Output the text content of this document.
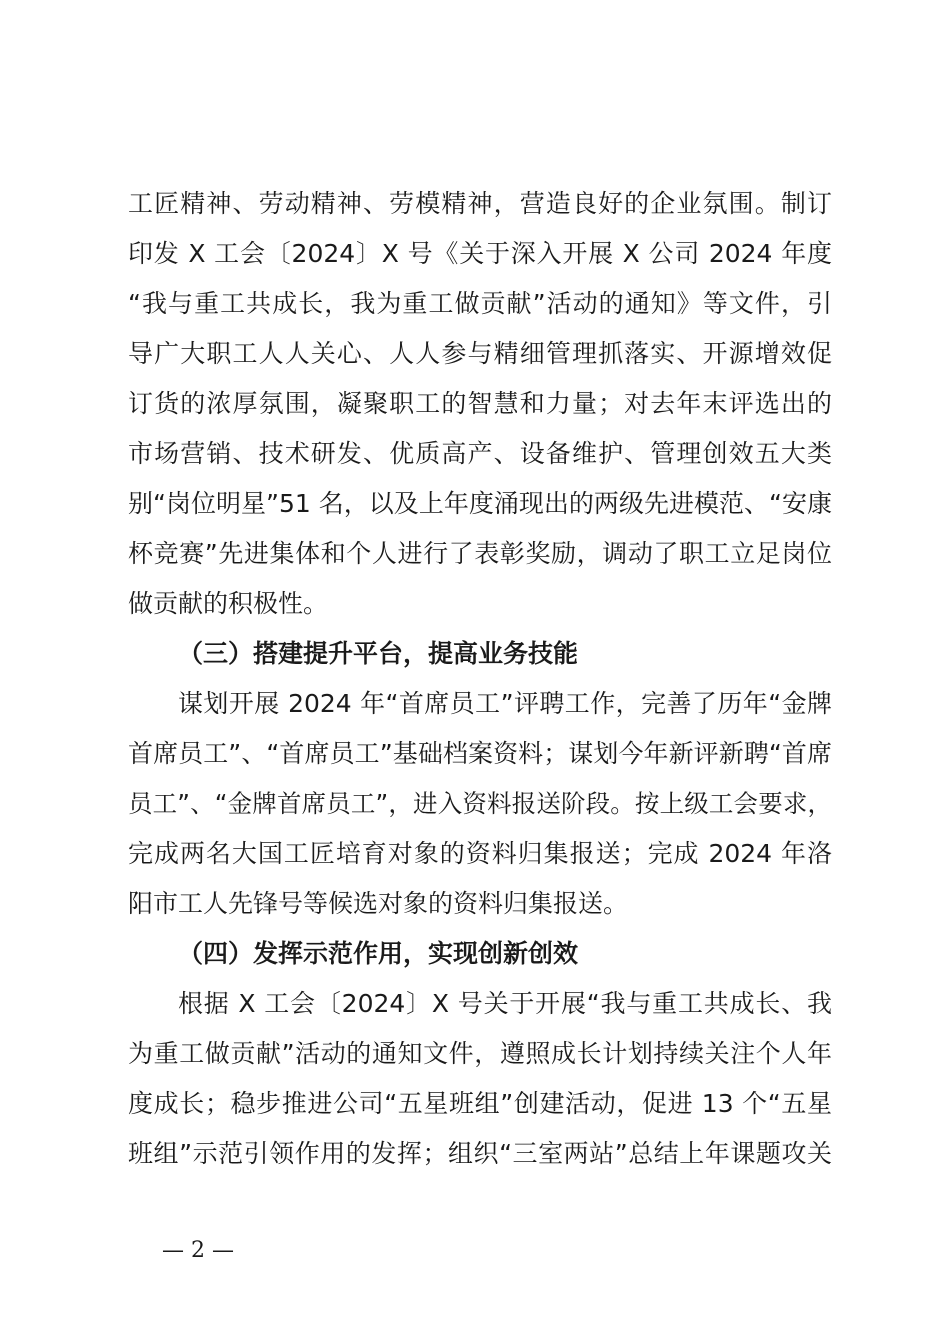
工匠精神、劳动精神、劳模精神，营造良好的企业氛围。制订
印发 X 工会〔2024〕X 号《关于深入开展 X 公司 2024 年度
“我与重工共成长，我为重工做贡献”活动的通知》等文件，引
导广大职工人人关心、人人参与精细管理抓落实、开源增效促
订货的浓厚氛围，凝聚职工的智慧和力量；对去年末评选出的
市场营销、技术研发、优质高产、设备维护、管理创效五大类
别“岗位明星”51 名，以及上年度涌现出的两级先进模范、“安康
杯竞赛”先进集体和个人进行了表彰奖励，调动了职工立足岗位
做贡献的积极性。
（三）搭建提升平台，提高业务技能
谋划开展 2024 年“首席员工”评聘工作，完善了历年“金牌
首席员工”、“首席员工”基础档案资料；谋划今年新评新聘“首席
员工”、“金牌首席员工”，进入资料报送阶段。按上级工会要求，
完成两名大国工匠培育对象的资料归集报送；完成 2024 年洛
阳市工人先锋号等候选对象的资料归集报送。
（四）发挥示范作用，实现创新创效
根据 X 工会〔2024〕X 号关于开展“我与重工共成长、我
为重工做贡献”活动的通知文件，遵照成长计划持续关注个人年
度成长；稳步推进公司“五星班组”创建活动，促进 13 个“五星
班组”示范引领作用的发挥；组织“三室两站”总结上年课题攻关
— 2 —
